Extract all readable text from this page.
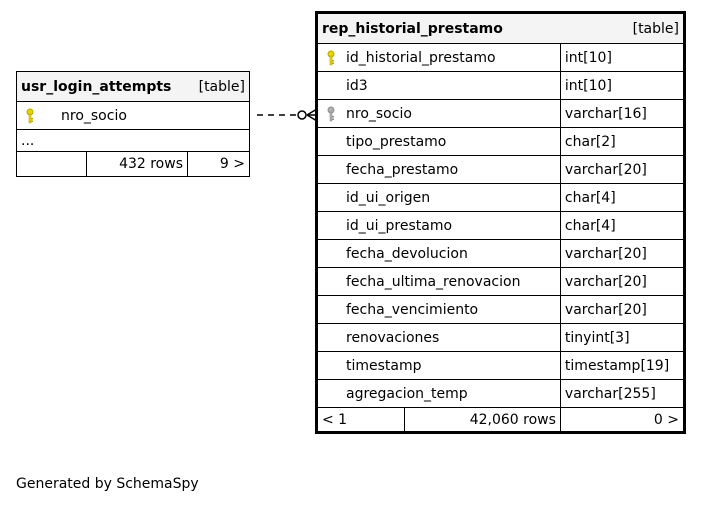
usr_login_attempts [table]

nro_socio
...
	432 rows	9 >
rep_historial_prestamo [table]		

id_historial_prestamo		int[10]
id3		int[10]

nro_socio		varchar[16]
tipo_prestamo		char[2]
fecha_prestamo		varchar[20]
id_ui_origen		char[4]
id_ui_prestamo		char[4]
fecha_devolucion		varchar[20]
fecha_ultima_renovacion		varchar[20]
fecha_vencimiento		varchar[20]
renovaciones		tinyint[3]
timestamp		timestamp[19]
agregacion_temp		varchar[255]
< 1	42,060 rows	0 >
Generated by SchemaSpy
